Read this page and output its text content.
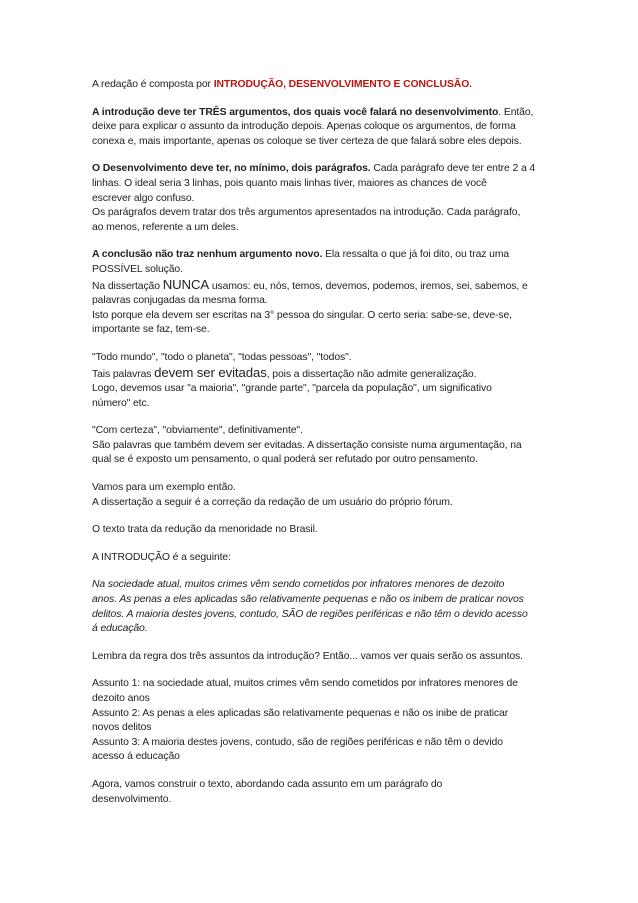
A redação é composta por INTRODUÇÃO, DESENVOLVIMENTO E CONCLUSÃO.

A introdução deve ter TRÊS argumentos, dos quais você falará no desenvolvimento. Então,
deixe para explicar o assunto da introdução depois. Apenas coloque os argumentos, de forma
conexa e, mais importante, apenas os coloque se tiver certeza de que falará sobre eles depois.

O Desenvolvimento deve ter, no mínimo, dois parágrafos. Cada parágrafo deve ter entre 2 a 4
linhas. O ideal seria 3 linhas, pois quanto mais linhas tiver, maiores as chances de você
escrever algo confuso.
Os parágrafos devem tratar dos três argumentos apresentados na introdução. Cada parágrafo,
ao menos, referente a um deles.

A conclusão não traz nenhum argumento novo. Ela ressalta o que já foi dito, ou traz uma
POSSÍVEL solução.
Na dissertação NUNCA usamos: eu, nós, temos, devemos, podemos, iremos, sei, sabemos, e
palavras conjugadas da mesma forma.
Isto porque ela devem ser escritas na 3° pessoa do singular. O certo seria: sabe-se, deve-se,
importante se faz, tem-se.

"Todo mundo", "todo o planeta", "todas pessoas", "todos".
Tais palavras devem ser evitadas, pois a dissertação não admite generalização.
Logo, devemos usar "a maioria", "grande parte", "parcela da população", um significativo
número" etc.

"Com certeza", "obviamente", definitivamente".
São palavras que também devem ser evitadas. A dissertação consiste numa argumentação, na
qual se é exposto um pensamento, o qual poderá ser refutado por outro pensamento.

Vamos para um exemplo então.
A dissertação a seguir é a correção da redação de um usuário do próprio fórum.

O texto trata da redução da menoridade no Brasil.

A INTRODUÇÃO é a seguinte:

Na sociedade atual, muitos crimes vêm sendo cometidos por infratores menores de dezoito
anos. As penas a eles aplicadas são relativamente pequenas e não os inibem de praticar novos
delitos. A maioria destes jovens, contudo, SÃO de regiões periféricas e não têm o devido acesso
á educação.

Lembra da regra dos três assuntos da introdução? Então... vamos ver quais serão os assuntos.

Assunto 1: na sociedade atual, muitos crimes vêm sendo cometidos por infratores menores de
dezoito anos
Assunto 2: As penas a eles aplicadas são relativamente pequenas e não os inibe de praticar
novos delitos
Assunto 3: A maioria destes jovens, contudo, são de regiões periféricas e não têm o devido
acesso á educação

Agora, vamos construir o texto, abordando cada assunto em um parágrafo do
desenvolvimento.
